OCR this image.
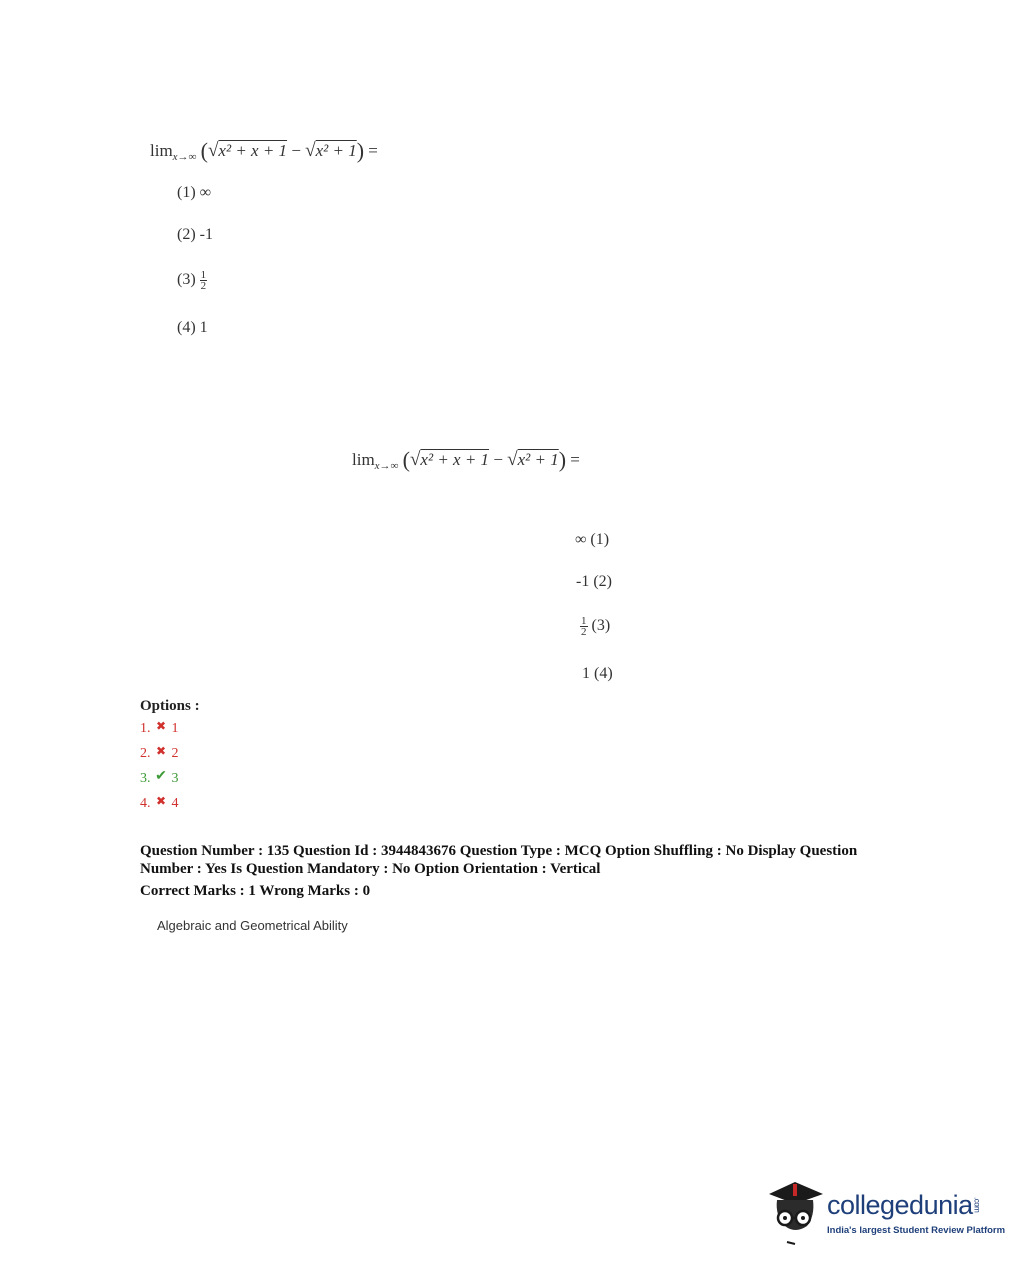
$\lim_{x\to\infty} (√x^2 + x + 1 - √x^2 + 1)$ =
(1) ∞
(2) -1
$(3) \frac{1}{2}$
(4) 1
$\lim_{x\to\infty} (√x^2 + x + 1 - √x^2 + 1)$ =
∞ (1)
-1 (2)
$\frac{1}{2} (3)$
1 (4)
Options :
1. ✖ 1
2. ✖ 2
3. ✔ 3
4. ✖ 4
Question Number : 135 Question Id : 3944843676 Question Type : MCQ Option Shuffling : No Display Question
Number : Yes Is Question Mandatory : No Option Orientation : Vertical
Correct Marks : 1 Wrong Marks : 0
Algebraic and Geometrical Ability
collegedunia.com
India's largest Student Review Platform
